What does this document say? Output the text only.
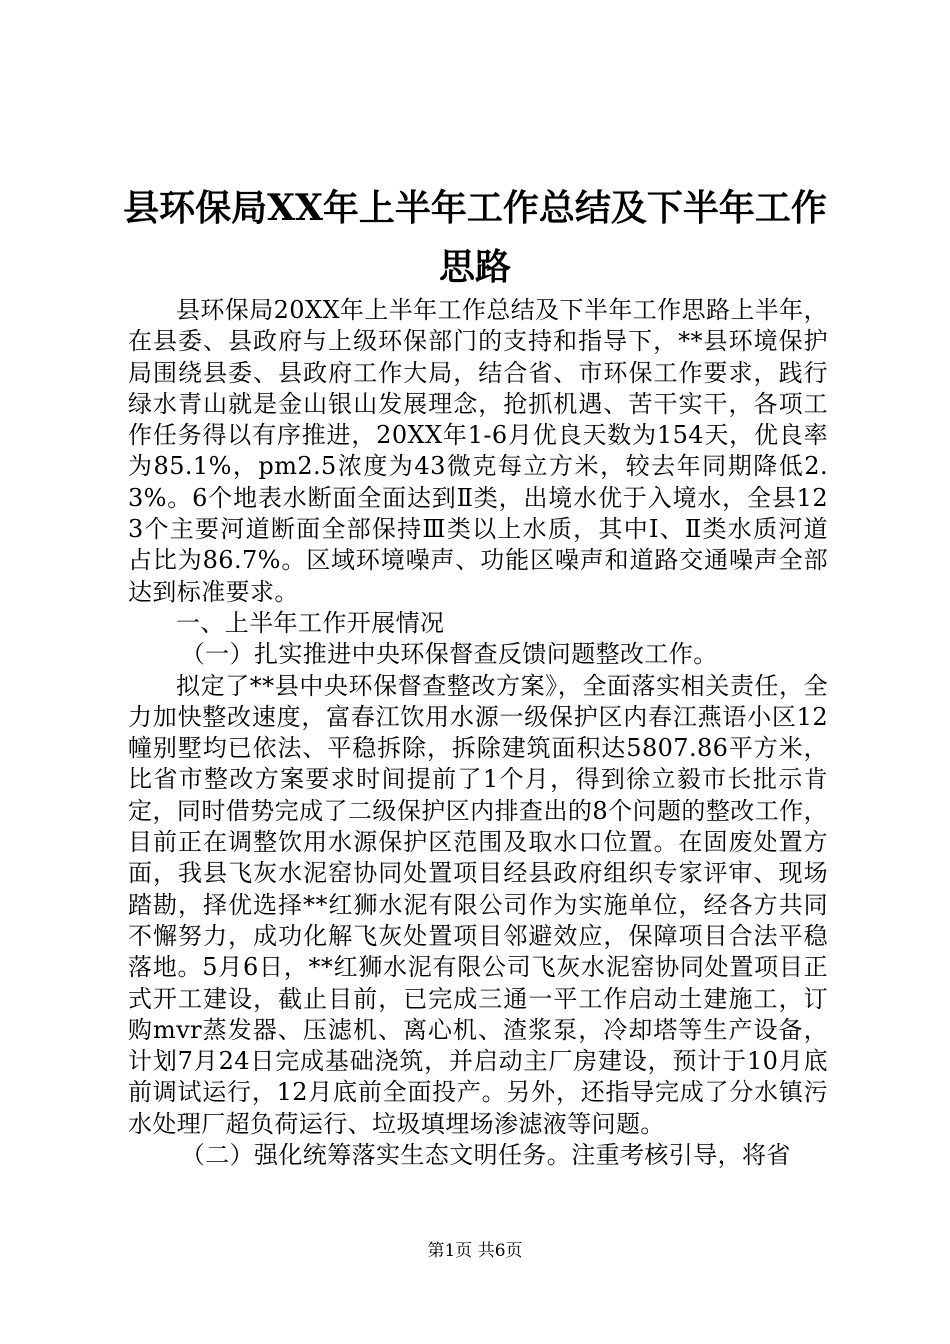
县环保局XX年上半年工作总结及下半年工作
思路

县环保局20XX年上半年工作总结及下半年工作思路上半年，在县委、县政府与上级环保部门的支持和指导下，**县环境保护局围绕县委、县政府工作大局，结合省、市环保工作要求，践行绿水青山就是金山银山发展理念，抢抓机遇、苦干实干，各项工作任务得以有序推进，20XX年1-6月优良天数为154天，优良率为85.1%，pm2.5浓度为43微克每立方米，较去年同期降低2.3%。6个地表水断面全面达到Ⅱ类，出境水优于入境水，全县123个主要河道断面全部保持Ⅲ类以上水质，其中Ⅰ、Ⅱ类水质河道占比为86.7%。区域环境噪声、功能区噪声和道路交通噪声全部达到标准要求。

一、上半年工作开展情况

（一）扎实推进中央环保督查反馈问题整改工作。

拟定了**县中央环保督查整改方案》，全面落实相关责任，全力加快整改速度，富春江饮用水源一级保护区内春江燕语小区12幢别墅均已依法、平稳拆除，拆除建筑面积达5807.86平方米，比省市整改方案要求时间提前了1个月，得到徐立毅市长批示肯定，同时借势完成了二级保护区内排查出的8个问题的整改工作，目前正在调整饮用水源保护区范围及取水口位置。在固废处置方面，我县飞灰水泥窑协同处置项目经县政府组织专家评审、现场踏勘，择优选择**红狮水泥有限公司作为实施单位，经各方共同不懈努力，成功化解飞灰处置项目邻避效应，保障项目合法平稳落地。5月6日，**红狮水泥有限公司飞灰水泥窑协同处置项目正式开工建设，截止目前，已完成三通一平工作启动土建施工，订购mvr蒸发器、压滤机、离心机、渣浆泵，冷却塔等生产设备，计划7月24日完成基础浇筑，并启动主厂房建设，预计于10月底前调试运行，12月底前全面投产。另外，还指导完成了分水镇污水处理厂超负荷运行、垃圾填埋场渗滤液等问题。

（二）强化统筹落实生态文明任务。注重考核引导，将省

第1页 共6页
